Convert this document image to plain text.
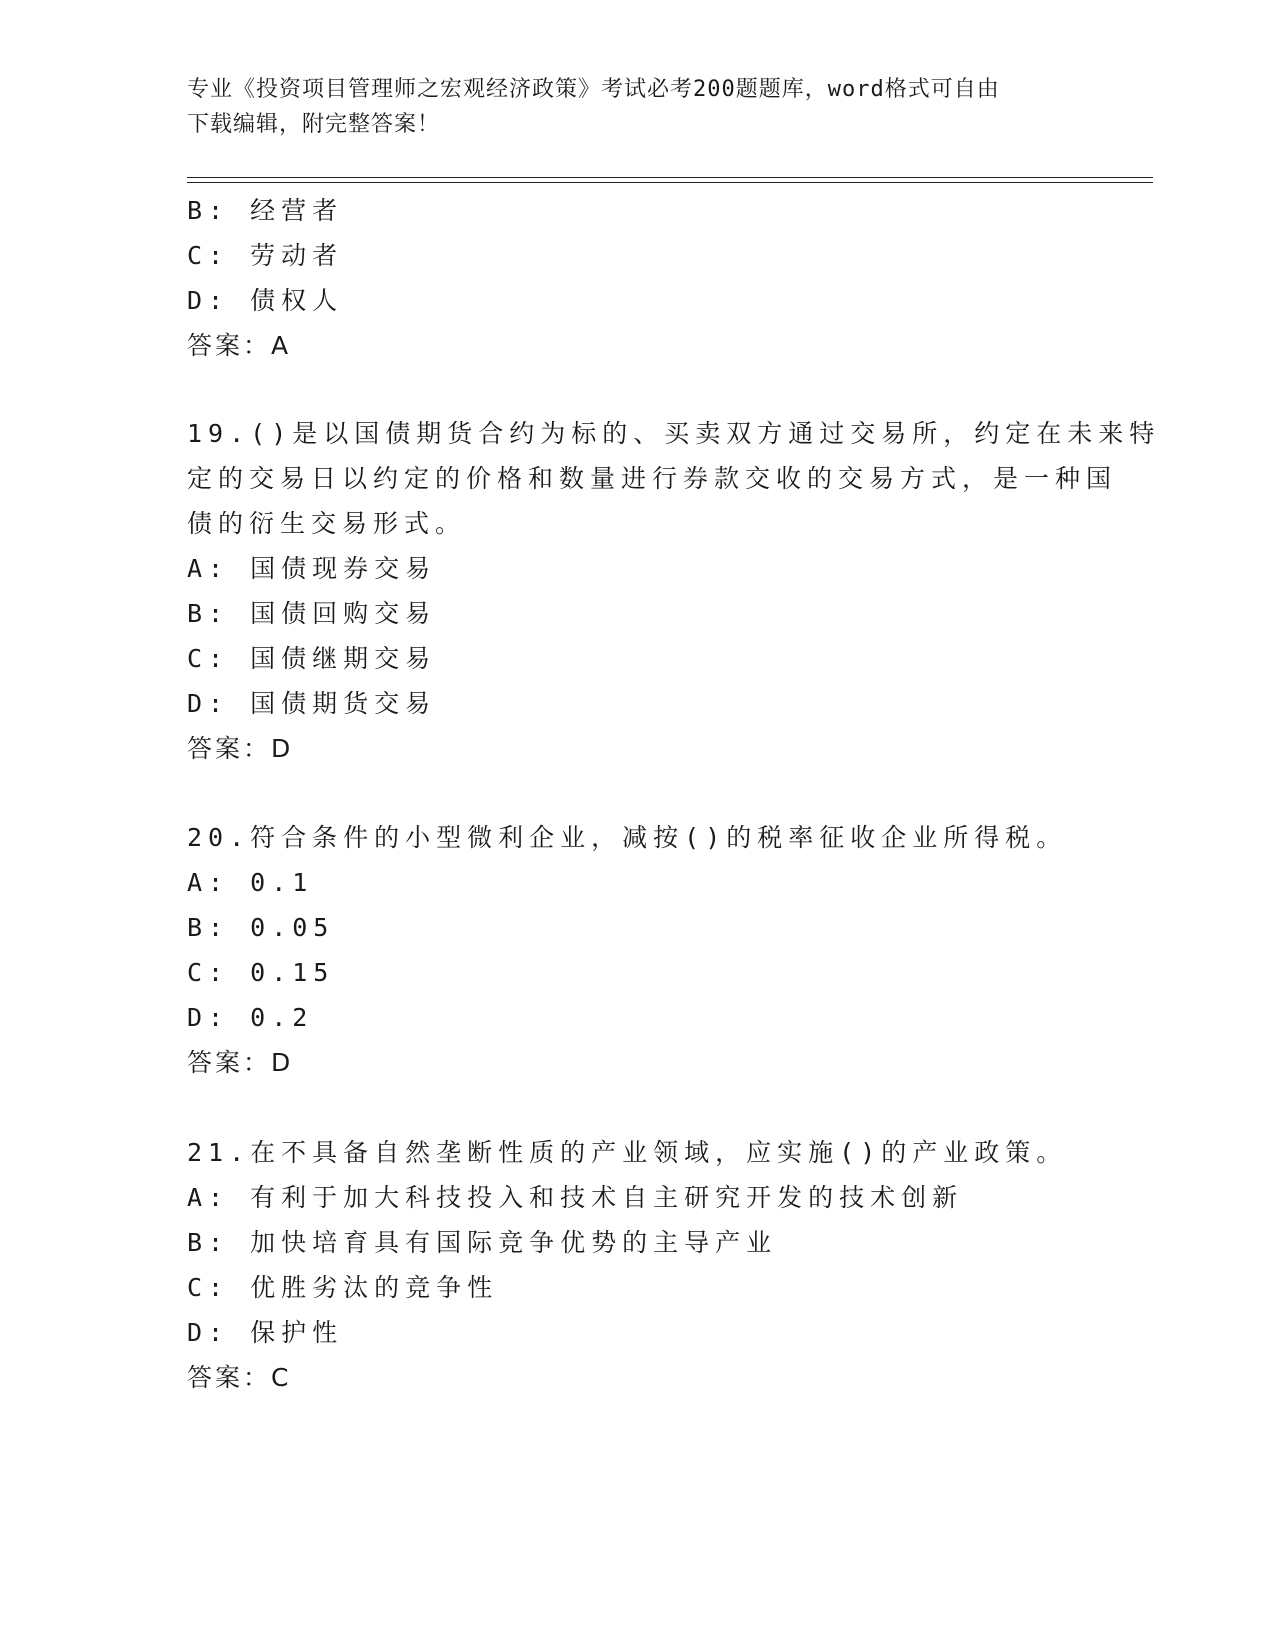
专业《投资项目管理师之宏观经济政策》考试必考200题题库，word格式可自由
下载编辑，附完整答案！
B: 经营者
C: 劳动者
D: 债权人
答案：A
19.()是以国债期货合约为标的、买卖双方通过交易所，约定在未来特
定的交易日以约定的价格和数量进行券款交收的交易方式，是一种国
债的衍生交易形式。
A: 国债现券交易
B: 国债回购交易
C: 国债继期交易
D: 国债期货交易
答案：D
20.符合条件的小型微利企业，减按()的税率征收企业所得税。
A: 0.1
B: 0.05
C: 0.15
D: 0.2
答案：D
21.在不具备自然垄断性质的产业领域，应实施()的产业政策。
A: 有利于加大科技投入和技术自主研究开发的技术创新
B: 加快培育具有国际竞争优势的主导产业
C: 优胜劣汰的竞争性
D: 保护性
答案：C
